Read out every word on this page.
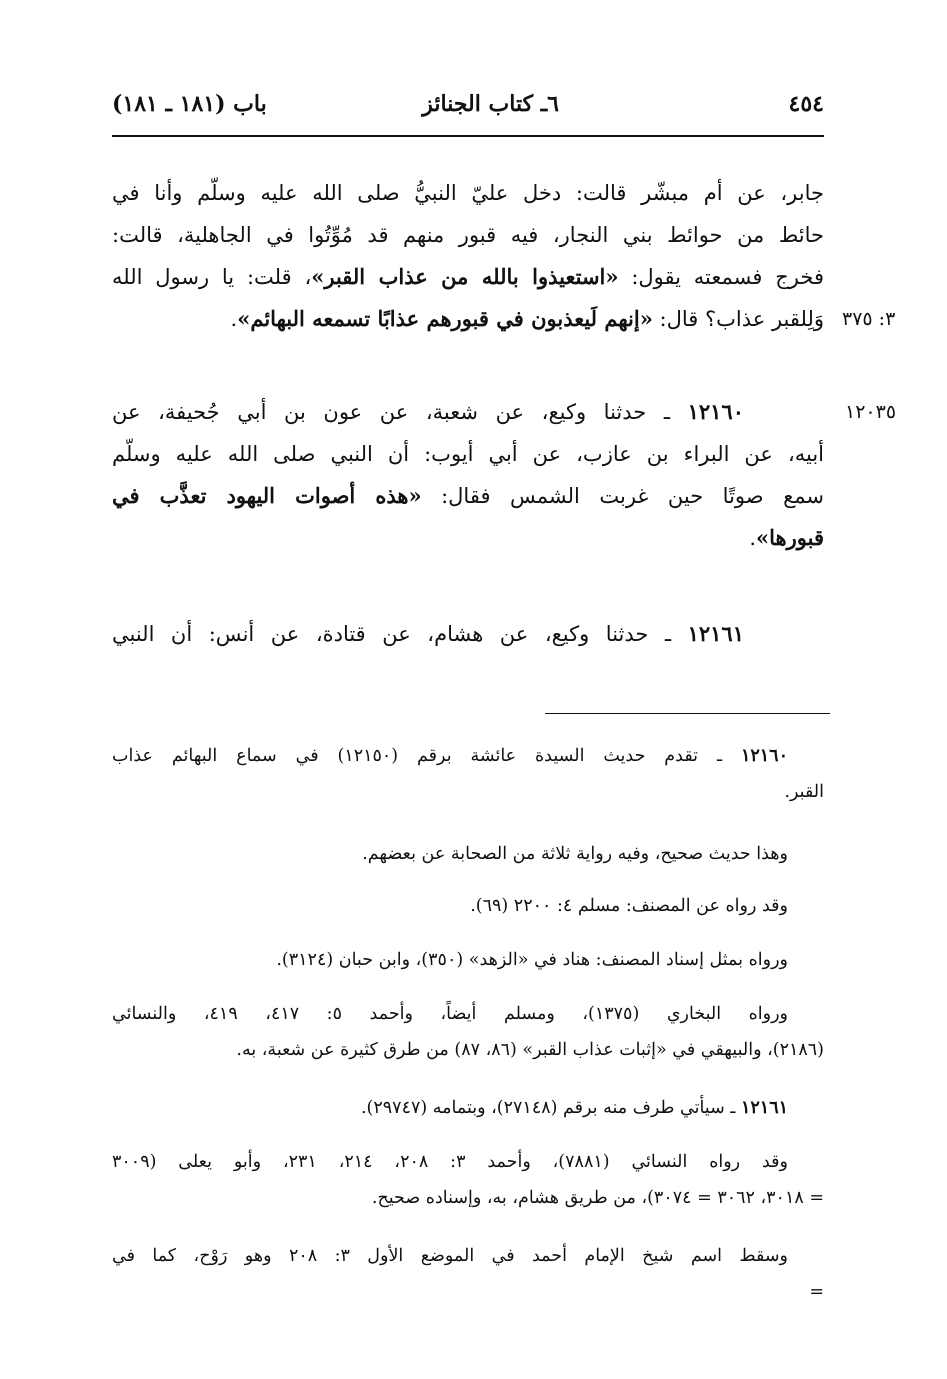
٤٥٤
٦ـ كتاب الجنائز
باب (١٨١ ـ ١٨١)
جابر، عن أم مبشّر قالت: دخل عليّ النبيُّ صلى الله عليه وسلّم وأنا في
حائط من حوائط بني النجار، فيه قبور منهم قد مُوِّتُوا في الجاهلية، قالت:
فخرج فسمعته يقول: «استعيذوا بالله من عذاب القبر»، قلت: يا رسول الله
وَلِلقبر عذاب؟ قال: «إنهم لَيعذبون في قبورهم عذابًا تسمعه البهائم».	٣: ٣٧٥
١٢١٦٠ ـ حدثنا وكيع، عن شعبة، عن عون بن أبي جُحيفة، عن
أبيه، عن البراء بن عازب، عن أبي أيوب: أن النبي صلى الله عليه وسلّم
سمع صوتًا حين غربت الشمس فقال: «هذه أصوات اليهود تعذَّب في
قبورها».
١٢٠٣٥
١٢١٦١ ـ حدثنا وكيع، عن هشام، عن قتادة، عن أنس: أن النبي
١٢١٦٠ ـ تقدم حديث السيدة عائشة برقم (١٢١٥٠) في سماع البهائم عذاب
القبر.
وهذا حديث صحيح، وفيه رواية ثلاثة من الصحابة عن بعضهم.
وقد رواه عن المصنف: مسلم ٤: ٢٢٠٠ (٦٩).
ورواه بمثل إسناد المصنف: هناد في «الزهد» (٣٥٠)، وابن حبان (٣١٢٤).
ورواه البخاري (١٣٧٥)، ومسلم أيضاً، وأحمد ٥: ٤١٧، ٤١٩، والنسائي
(٢١٨٦)، والبيهقي في «إثبات عذاب القبر» (٨٦، ٨٧) من طرق كثيرة عن شعبة، به.
١٢١٦١ ـ سيأتي طرف منه برقم (٢٧١٤٨)، وبتمامه (٢٩٧٤٧).
وقد رواه النسائي (٧٨٨١)، وأحمد ٣: ٢٠٨، ٢١٤، ٢٣١، وأبو يعلى (٣٠٠٩
= ٣٠١٨، ٣٠٦٢ = ٣٠٧٤)، من طريق هشام، به، وإسناده صحيح.
وسقط اسم شيخ الإمام أحمد في الموضع الأول ٣: ٢٠٨ وهو رَوْح، كما في
=
